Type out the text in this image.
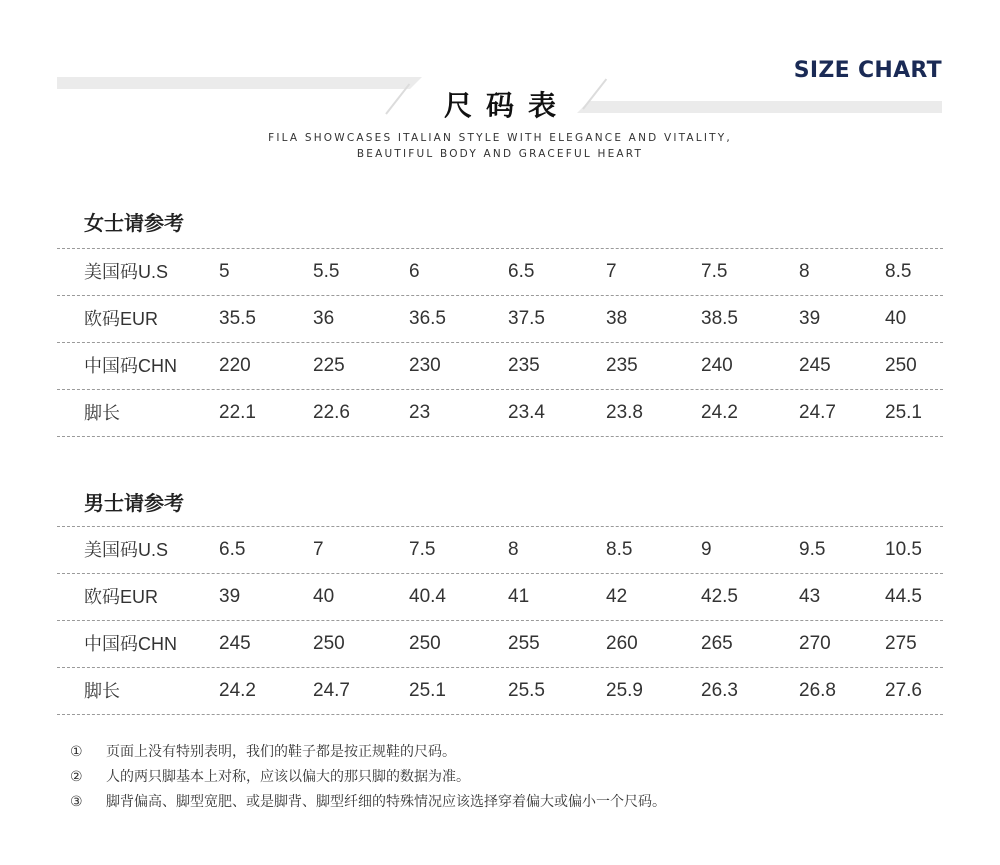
SIZE CHART
尺码表
FILA SHOWCASES ITALIAN STYLE WITH ELEGANCE AND VITALITY,
BEAUTIFUL BODY AND GRACEFUL HEART
女士请参考
美国码U.S	5	5.5	6	6.5	7	7.5	8	8.5
欧码EUR	35.5	36	36.5	37.5	38	38.5	39	40
中国码CHN 220	225	230	235	235	240	245	250
脚长	22.1	22.6	23	23.4	23.8	24.2	24.7	25.1
男士请参考
美国码U.S	6.5	7	7.5	8	8.5	9	9.5	10.5
欧码EUR	39	40	40.4	41	42	42.5	43	44.5
中国码CHN 245	250	250	255	260	265	270	275
脚长	24.2	24.7	25.1	25.5	25.9	26.3	26.8	27.6
① 页面上没有特别表明，我们的鞋子都是按正规鞋的尺码。
② 人的两只脚基本上对称，应该以偏大的那只脚的数据为准。
③ 脚背偏高、脚型宽肥、或是脚背、脚型纤细的特殊情况应该选择穿着偏大或偏小一个尺码。
